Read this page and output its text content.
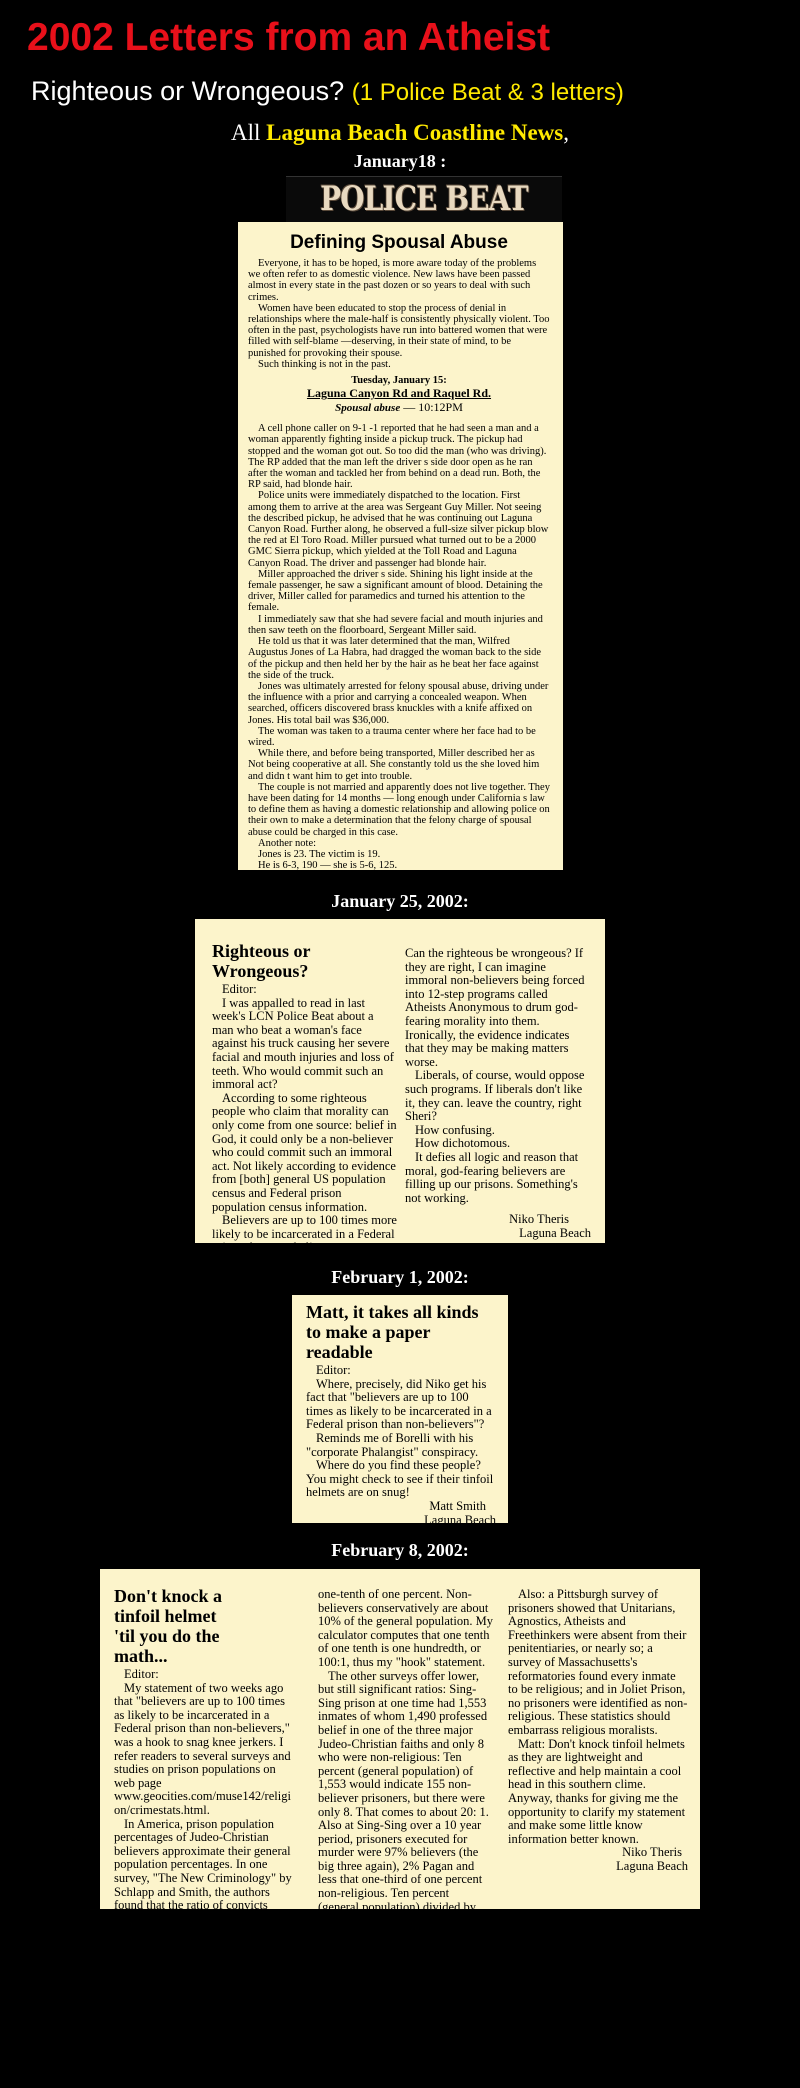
2002 Letters from an Atheist
Righteous or Wrongeous? (1 Police Beat & 3 letters)
All Laguna Beach Coastline News,
January18 :
POLICE BEAT
Defining Spousal Abuse

Everyone, it has to be hoped, is more aware today of the problems we often refer to as domestic violence. New laws have been passed almost in every state in the past dozen or so years to deal with such crimes.

Women have been educated to stop the process of denial in relationships where the male-half is consistently physically violent. Too often in the past, psychologists have run into battered women that were filled with self-blame —deserving, in their state of mind, to be punished for provoking their spouse.

Such thinking is not in the past.

Tuesday, January 15:
Laguna Canyon Rd and Raquel Rd.
Spousal abuse — 10:12PM

A cell phone caller on 9-1 -1 reported that he had seen a man and a woman apparently fighting inside a pickup truck. The pickup had stopped and the woman got out. So too did the man (who was driving). The RP added that the man left the driver s side door open as he ran after the woman and tackled her from behind on a dead run. Both, the RP said, had blonde hair.

Police units were immediately dispatched to the location. First among them to arrive at the area was Sergeant Guy Miller. Not seeing the described pickup, he advised that he was continuing out Laguna Canyon Road. Further along, he observed a full-size silver pickup blow the red at El Toro Road. Miller pursued what turned out to be a 2000 GMC Sierra pickup, which yielded at the Toll Road and Laguna Canyon Road. The driver and passenger had blonde hair.

Miller approached the driver s side. Shining his light inside at the female passenger, he saw a significant amount of blood. Detaining the driver, Miller called for paramedics and turned his attention to the female.

I immediately saw that she had severe facial and mouth injuries and then saw teeth on the floorboard, Sergeant Miller said.

He told us that it was later determined that the man, Wilfred Augustus Jones of La Habra, had dragged the woman back to the side of the pickup and then held her by the hair as he beat her face against the side of the truck.

Jones was ultimately arrested for felony spousal abuse, driving under the influence with a prior and carrying a concealed weapon. When searched, officers discovered brass knuckles with a knife affixed on Jones. His total bail was $36,000.

The woman was taken to a trauma center where her face had to be wired.

While there, and before being transported, Miller described her as Not being cooperative at all. She constantly told us the she loved him and didn t want him to get into trouble.

The couple is not married and apparently does not live together. They have been dating for 14 months — long enough under California s law to define them as having a domestic relationship and allowing police on their own to make a determination that the felony charge of spousal abuse could be charged in this case.

Another note:

Jones is 23. The victim is 19.

He is 6-3, 190 — she is 5-6, 125.

January 25, 2002:
Righteous or Wrongeous?

Editor:

I was appalled to read in last week's LCN Police Beat about a man who beat a woman's face against his truck causing her severe facial and mouth injuries and loss of teeth. Who would commit such an immoral act?

According to some righteous people who claim that morality can only come from one source: belief in God, it could only be a non-believer who could commit such an immoral act. Not likely according to evidence from [both] general US population census and Federal prison population census information.

Believers are up to 100 times more likely to be incarcerated in a Federal prison than non-believers.

Can the righteous be wrongeous? If they are right, I can imagine immoral non-believers being forced into 12-step programs called Atheists Anonymous to drum god-fearing morality into them. Ironically, the evidence indicates that they may be making matters worse.

Liberals, of course, would oppose such programs. If liberals don't like it, they can. leave the country, right Sheri?

How confusing.

How dichotomous.

It defies all logic and reason that moral, god-fearing believers are filling up our prisons. Something's not working.

Niko Theris

Laguna Beach

February 1, 2002:
Matt, it takes all kinds to make a paper readable

Editor:

Where, precisely, did Niko get his fact that "believers are up to 100 times as likely to be incarcerated in a Federal prison than non-believers"?

Reminds me of Borelli with his "corporate Phalangist" conspiracy.

Where do you find these people? You might check to see if their tinfoil helmets are on snug!

Matt Smith

Laguna Beach

February 8, 2002:
Don't knock a tinfoil helmet 'til you do the math...

Editor:

My statement of two weeks ago that "believers are up to 100 times as likely to be incarcerated in a Federal prison than non-believers," was a hook to snag knee jerkers. I refer readers to several surveys and studies on prison populations on web page www.geocities.com/muse142/religion/crimestats.html.

In America, prison population percentages of Judeo-Christian believers approximate their general population percentages. In one survey, "The New Criminology" by Schlapp and Smith, the authors found that the ratio of convicts without religious training is about

one-tenth of one percent. Non-believers conservatively are about 10% of the general population. My calculator computes that one tenth of one tenth is one hundredth, or 100:1, thus my "hook" statement.

The other surveys offer lower, but still significant ratios: Sing-Sing prison at one time had 1,553 inmates of whom 1,490 professed belief in one of the three major Judeo-Christian faiths and only 8 who were non-religious: Ten percent (general population) of 1,553 would indicate 155 non-believer prisoners, but there were only 8. That comes to about 20: 1. Also at Sing-Sing over a 10 year period, prisoners executed for murder were 97% believers (the big three again), 2% Pagan and less that one-third of one percent non-religious. Ten percent (general population) divided by 0.3 percent (prison population) is 33:1.

Also: a Pittsburgh survey of prisoners showed that Unitarians, Agnostics, Atheists and Freethinkers were absent from their penitentiaries, or nearly so; a survey of Massachusetts's reformatories found every inmate to be religious; and in Joliet Prison, no prisoners were identified as non-religious. These statistics should embarrass religious moralists.

Matt: Don't knock tinfoil helmets as they are lightweight and reflective and help maintain a cool head in this southern clime. Anyway, thanks for giving me the opportunity to clarify my statement and make some little know information better known.

Niko Theris

Laguna Beach
